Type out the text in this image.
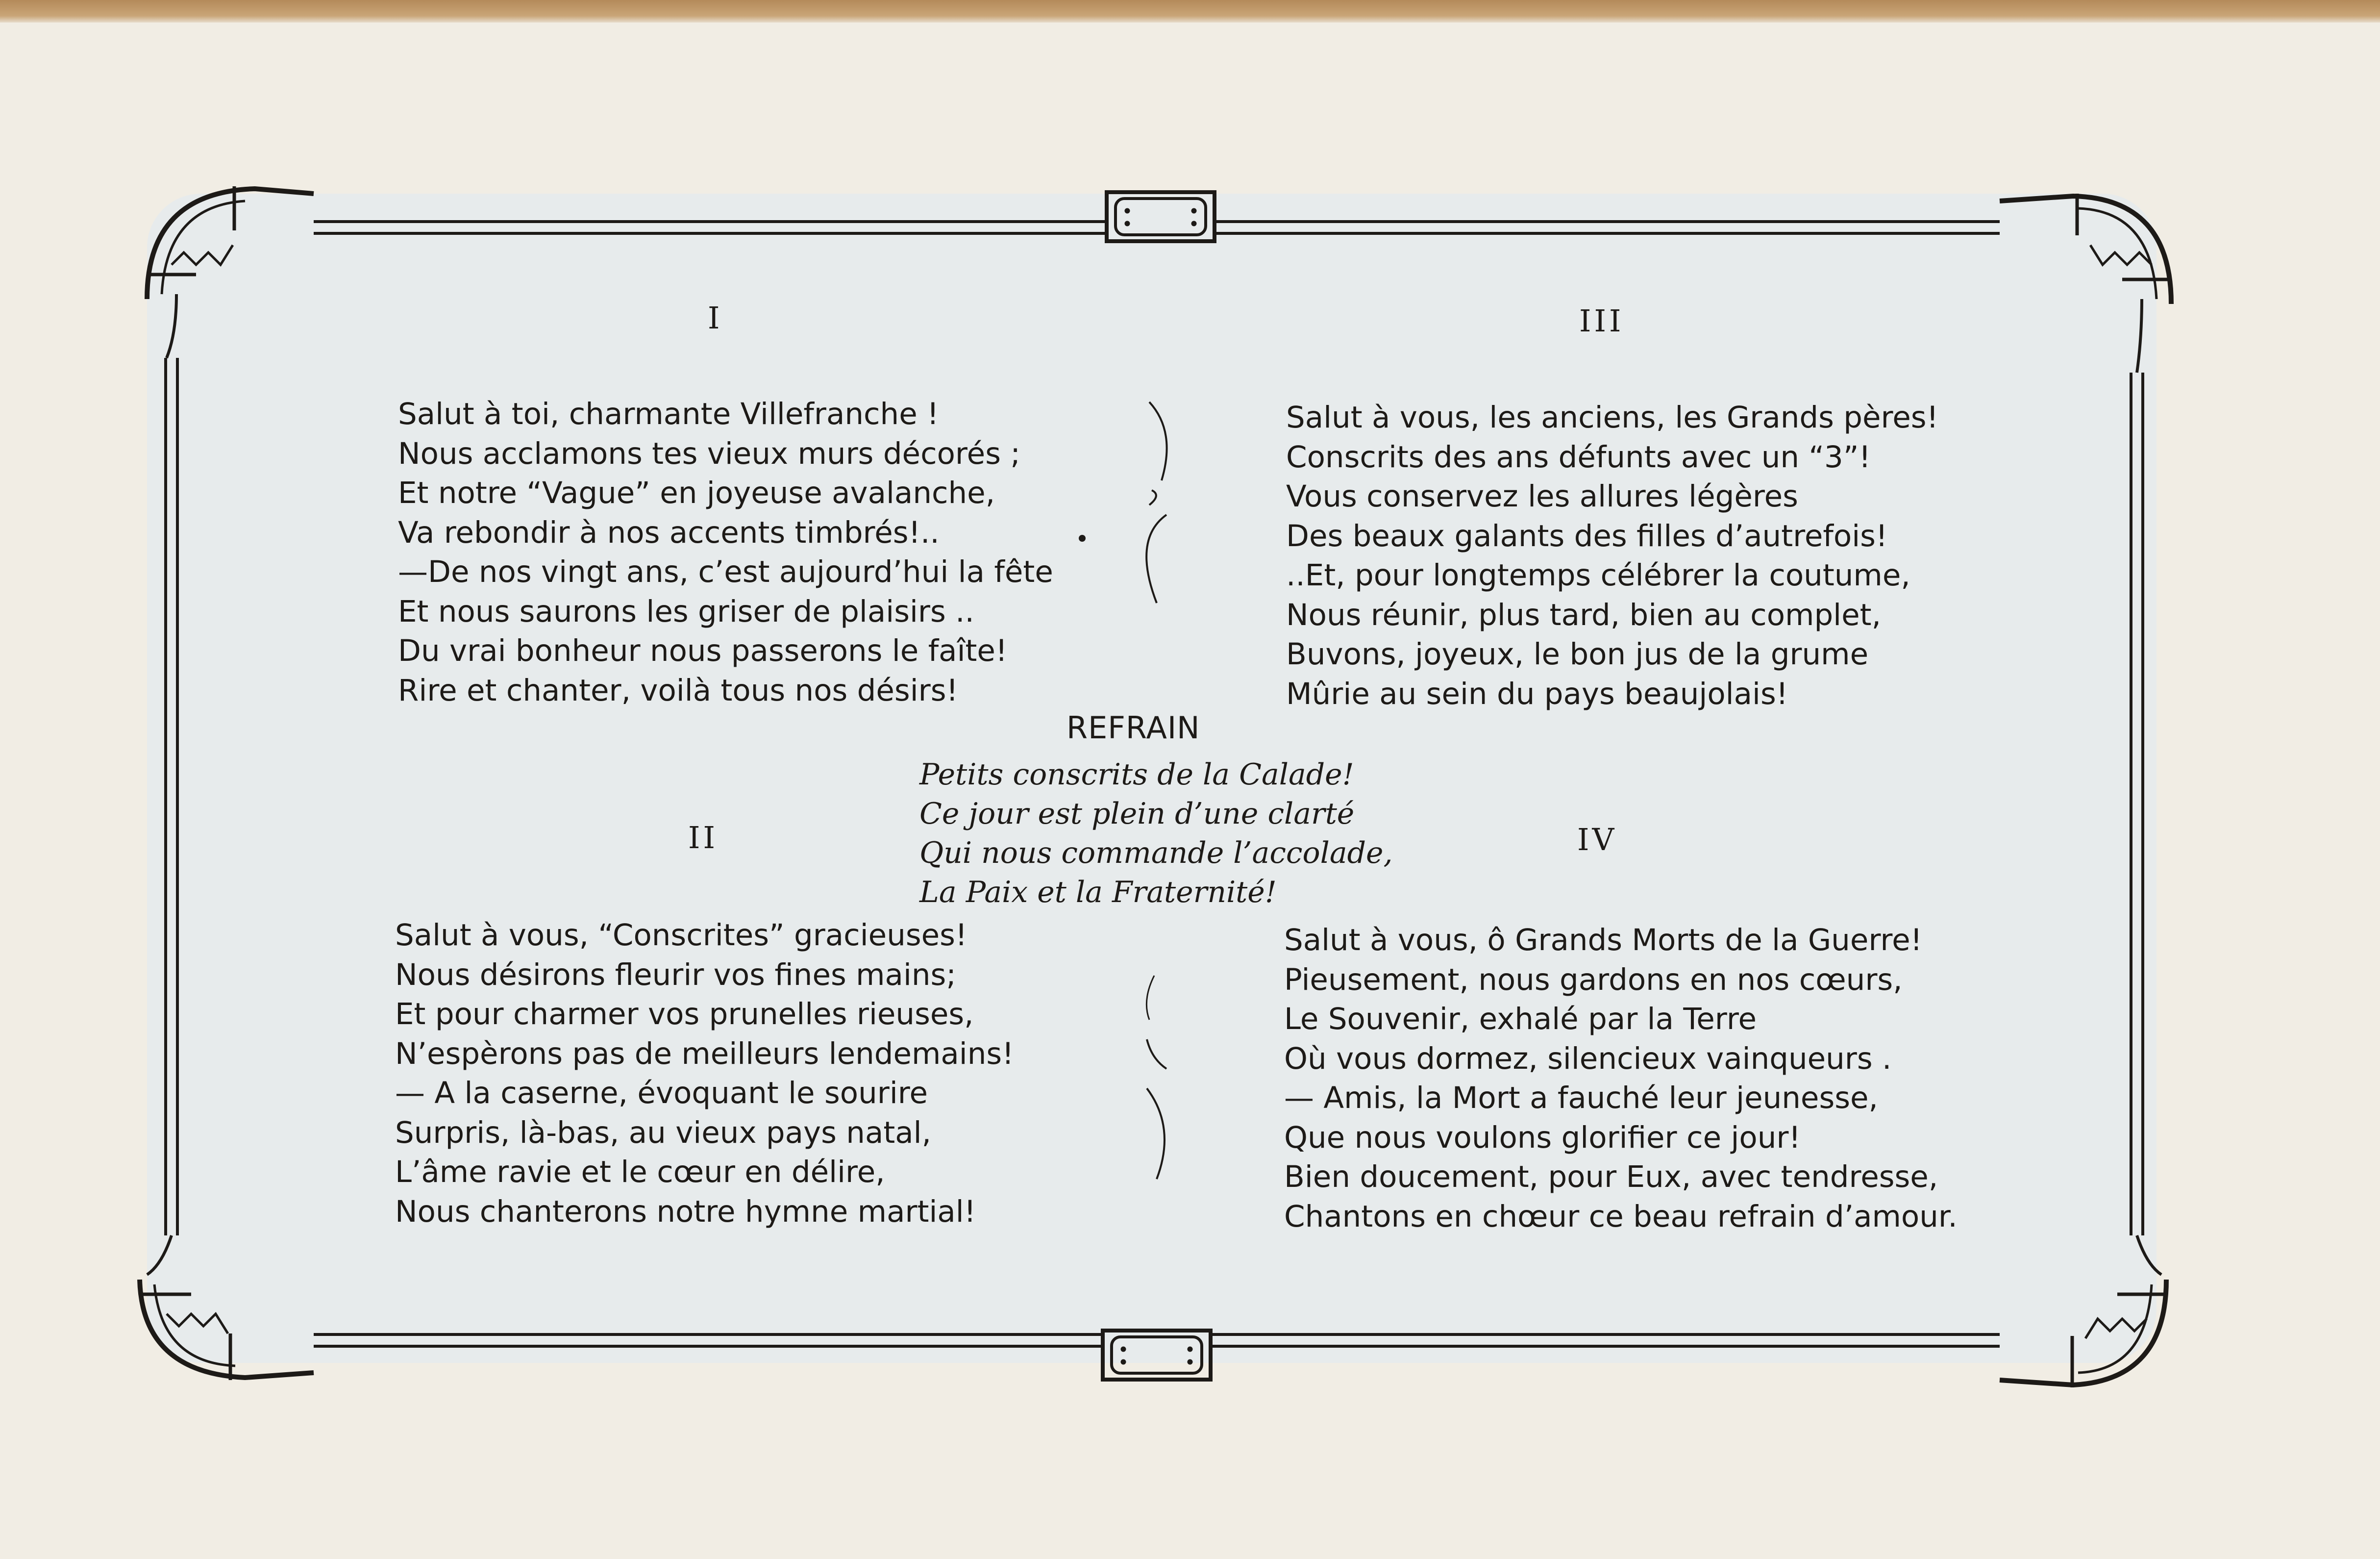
I
Salut à toi, charmante Villefranche !
Nous acclamons tes vieux murs décorés ;
Et notre “Vague” en joyeuse avalanche,
Va rebondir à nos accents timbrés!..
—De nos vingt ans, c’est aujourd’hui la fête
Et nous saurons les griser de plaisirs ..
Du vrai bonheur nous passerons le faîte!
Rire et chanter, voilà tous nos désirs!
III
Salut à vous, les anciens, les Grands pères!
Conscrits des ans défunts avec un “3”!
Vous conservez les allures légères
Des beaux galants des filles d’autrefois!
..Et, pour longtemps célébrer la coutume,
Nous réunir, plus tard, bien au complet,
Buvons, joyeux, le bon jus de la grume
Mûrie au sein du pays beaujolais!
REFRAIN
Petits conscrits de la Calade!
Ce jour est plein d’une clarté
Qui nous commande l’accolade,
La Paix et la Fraternité!
II
Salut à vous, “Conscrites” gracieuses!
Nous désirons fleurir vos fines mains;
Et pour charmer vos prunelles rieuses,
N’espèrons pas de meilleurs lendemains!
— A la caserne, évoquant le sourire
Surpris, là-bas, au vieux pays natal,
L’âme ravie et le cœur en délire,
Nous chanterons notre hymne martial!
IV
Salut à vous, ô Grands Morts de la Guerre!
Pieusement, nous gardons en nos cœurs,
Le Souvenir, exhalé par la Terre
Où vous dormez, silencieux vainqueurs .
— Amis, la Mort a fauché leur jeunesse,
Que nous voulons glorifier ce jour!
Bien doucement, pour Eux, avec tendresse,
Chantons en chœur ce beau refrain d’amour.
